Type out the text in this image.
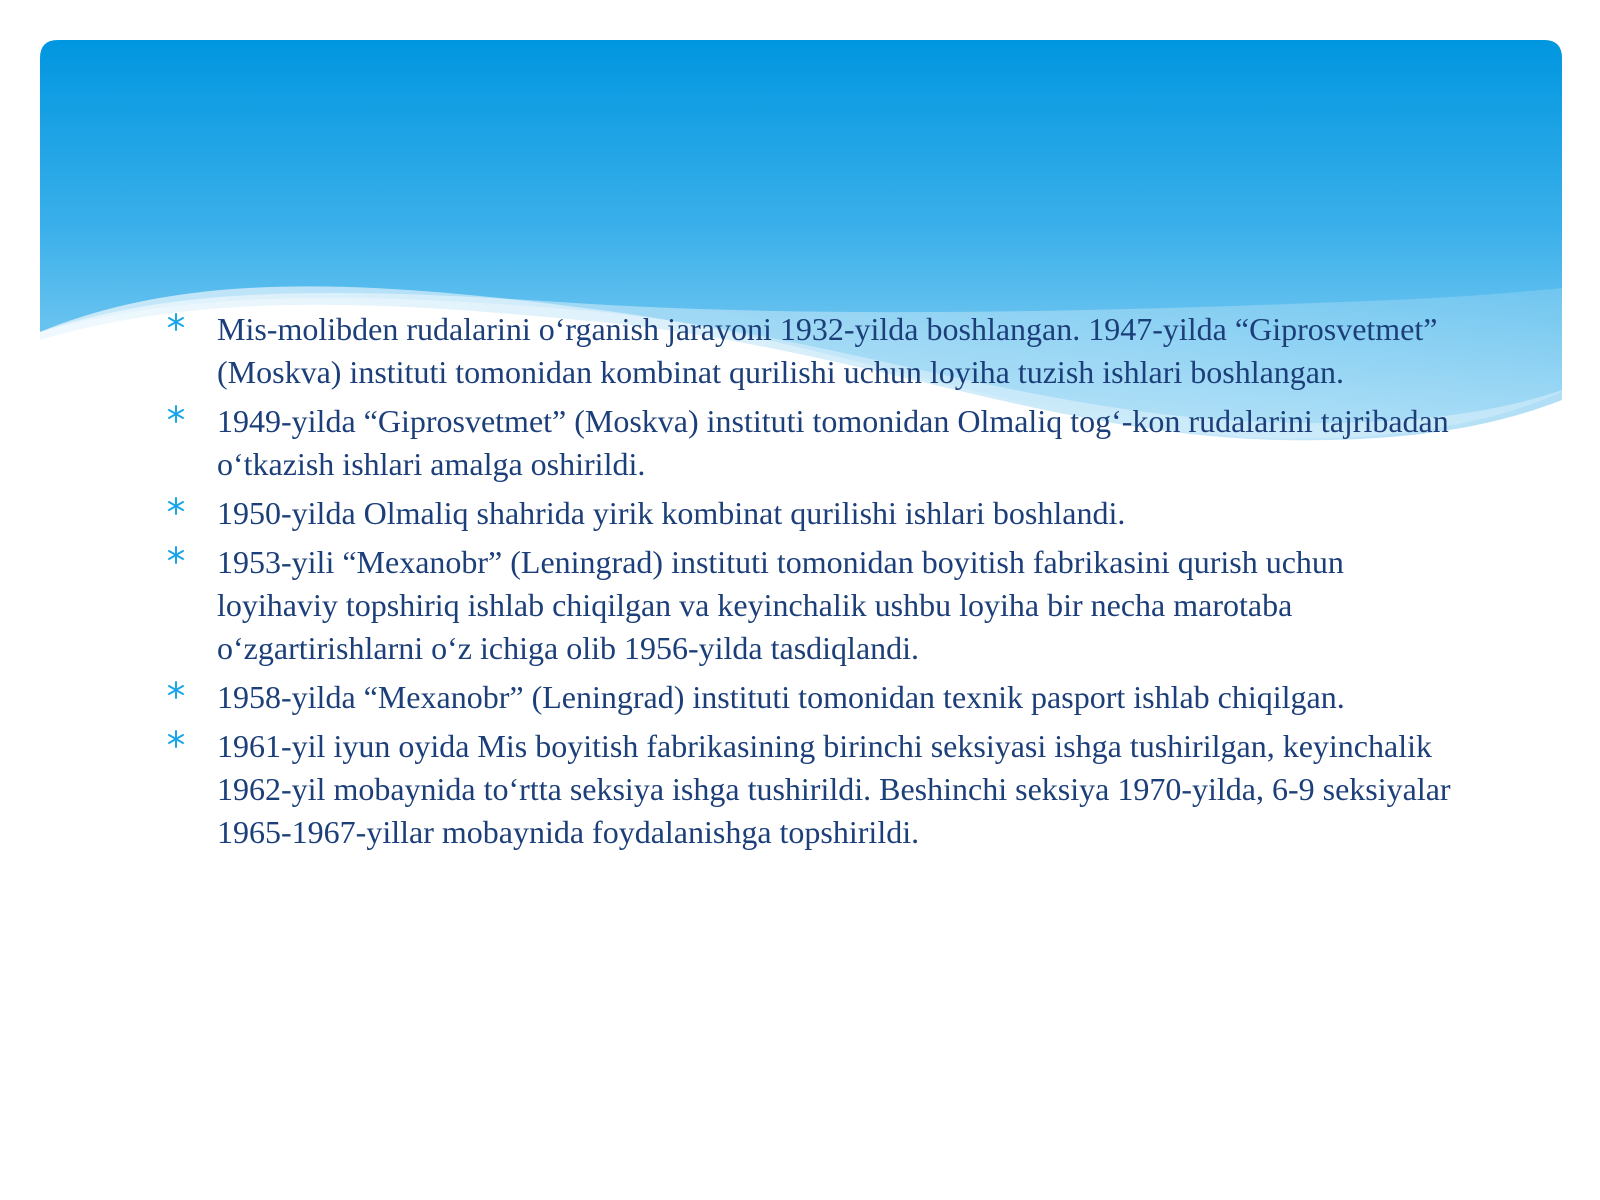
Mis-molibden rudalarini o‘rganish jarayoni 1932-yilda boshlangan. 1947-yilda “Giprosvetmet” (Moskva) instituti tomonidan kombinat qurilishi uchun loyiha tuzish ishlari boshlangan.
1949-yilda “Giprosvetmet” (Moskva) instituti tomonidan Olmaliq tog‘-kon rudalarini tajribadan o‘tkazish ishlari amalga oshirildi.
1950-yilda Olmaliq shahrida yirik kombinat qurilishi ishlari boshlandi.
1953-yili “Mexanobr” (Leningrad) instituti tomonidan boyitish fabrikasini qurish uchun loyihaviy topshiriq ishlab chiqilgan va keyinchalik ushbu loyiha bir necha marotaba o‘zgartirishlarni o‘z ichiga olib 1956-yilda tasdiqlandi.
1958-yilda “Mexanobr” (Leningrad) instituti tomonidan texnik pasport ishlab chiqilgan.
1961-yil iyun oyida Mis boyitish fabrikasining birinchi seksiyasi ishga tushirilgan, keyinchalik 1962-yil mobaynida to‘rtta seksiya ishga tushirildi. Beshinchi seksiya 1970-yilda, 6-9 seksiyalar 1965-1967-yillar mobaynida foydalanishga topshirildi.
